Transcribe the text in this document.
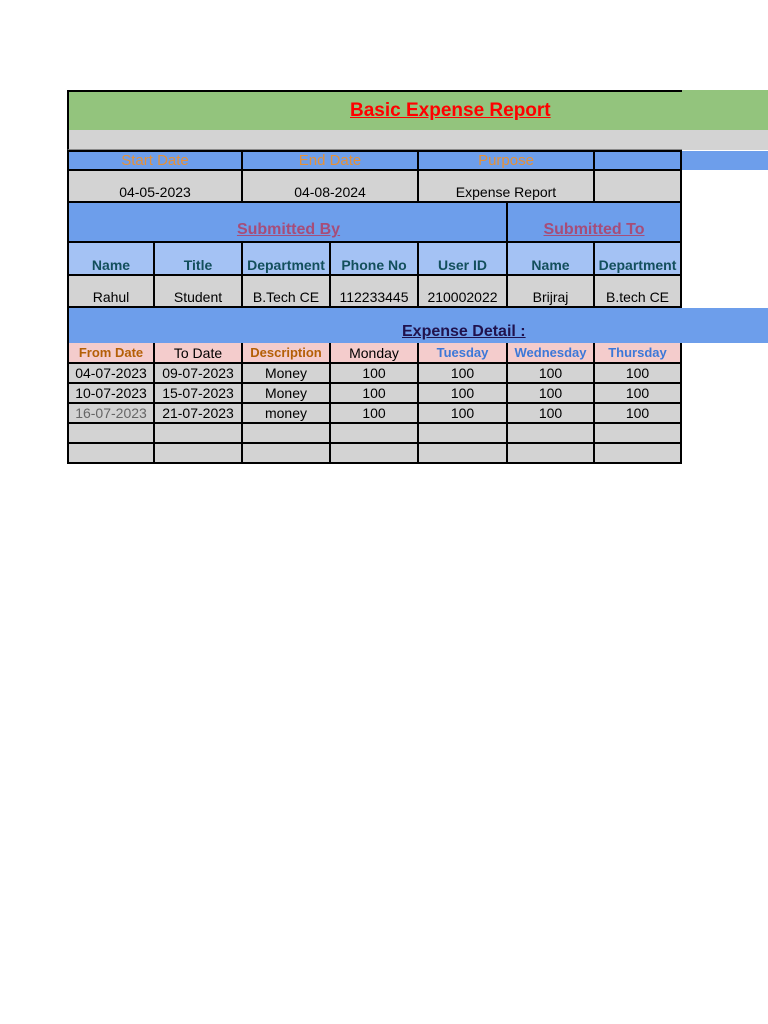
Basic Expense Report
Start Date	End Date	Purpose
04-05-2023	04-08-2024	Expense Report
Submitted By	Submitted To
Name	Title	Department	Phone No	User ID	Name	Department
Rahul	Student	B.Tech CE	112233445	210002022	Brijraj	B.tech CE
Expense Detail :
From Date	To Date	Description	Monday	Tuesday	Wednesday	Thursday
04-07-2023	09-07-2023	Money	100	100	100	100
10-07-2023	15-07-2023	Money	100	100	100	100
16-07-2023	21-07-2023	money	100	100	100	100
